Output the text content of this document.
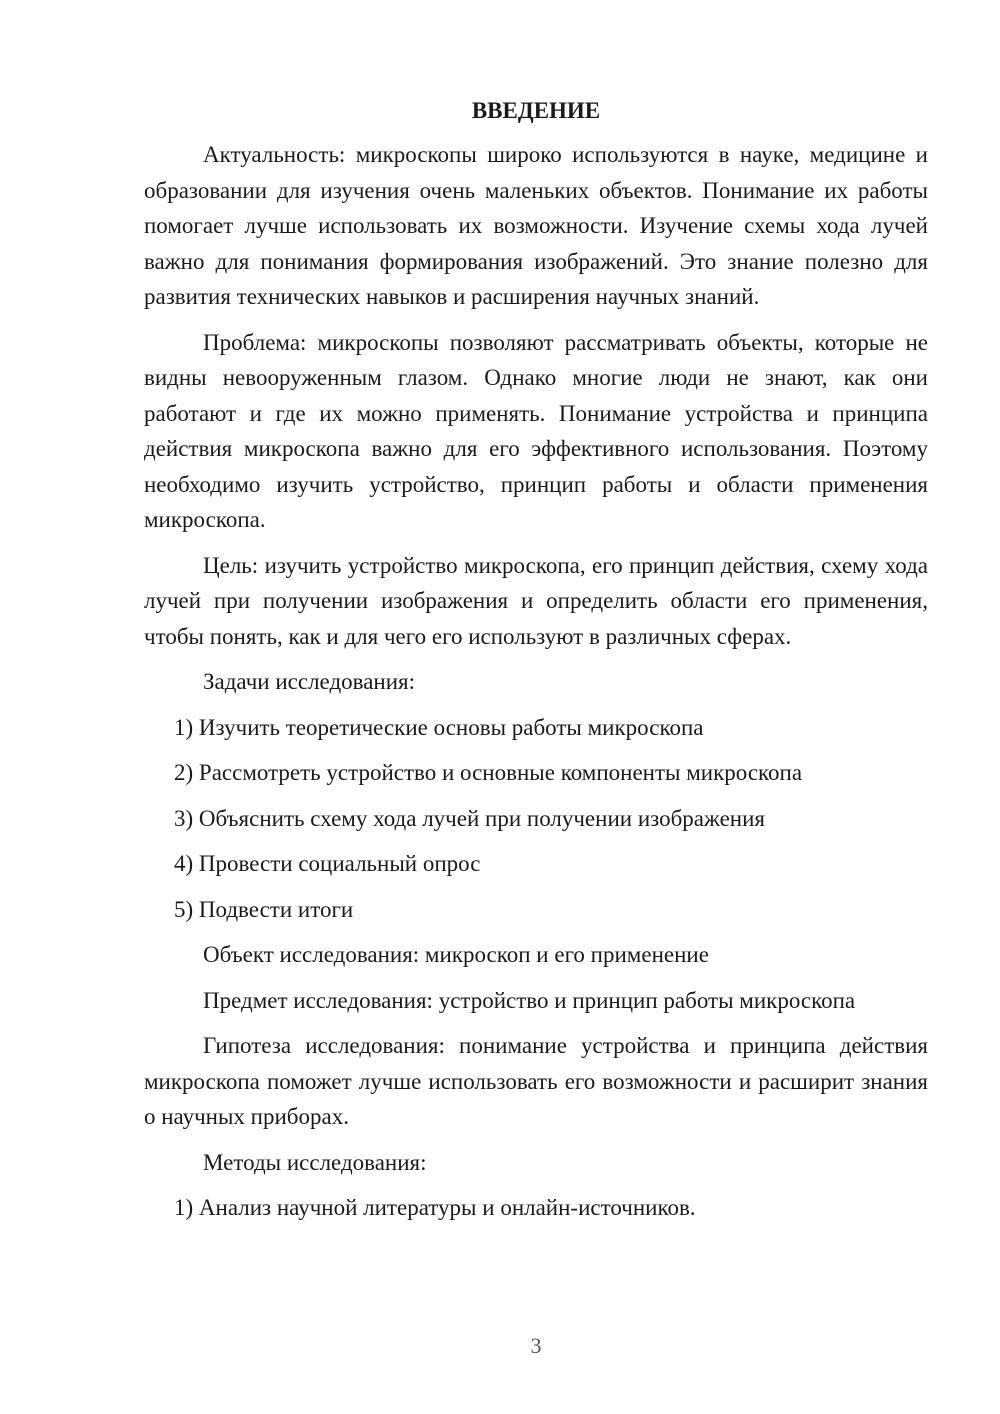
ВВЕДЕНИЕ

Актуальность: микроскопы широко используются в науке, медицине и образовании для изучения очень маленьких объектов. Понимание их работы помогает лучше использовать их возможности. Изучение схемы хода лучей важно для понимания формирования изображений. Это знание полезно для развития технических навыков и расширения научных знаний.

Проблема: микроскопы позволяют рассматривать объекты, которые не видны невооруженным глазом. Однако многие люди не знают, как они работают и где их можно применять. Понимание устройства и принципа действия микроскопа важно для его эффективного использования. Поэтому необходимо изучить устройство, принцип работы и области применения микроскопа.

Цель: изучить устройство микроскопа, его принцип действия, схему хода лучей при получении изображения и определить области его применения, чтобы понять, как и для чего его используют в различных сферах.

Задачи исследования:

1) Изучить теоретические основы работы микроскопа

2) Рассмотреть устройство и основные компоненты микроскопа

3) Объяснить схему хода лучей при получении изображения

4) Провести социальный опрос

5) Подвести итоги

Объект исследования: микроскоп и его применение

Предмет исследования: устройство и принцип работы микроскопа

Гипотеза исследования: понимание устройства и принципа действия микроскопа поможет лучше использовать его возможности и расширит знания о научных приборах.

Методы исследования:

1) Анализ научной литературы и онлайн-источников.

3
